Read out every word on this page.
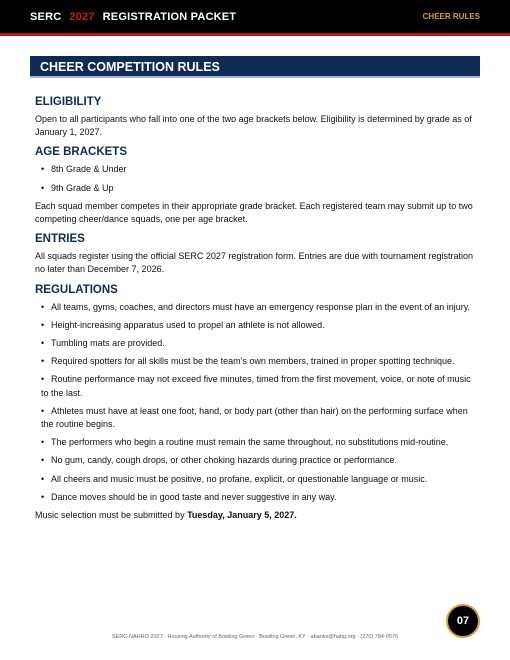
SERC 2027 REGISTRATION PACKET	CHEER RULES
CHEER COMPETITION RULES
ELIGIBILITY

Open to all participants who fall into one of the two age brackets below. Eligibility is determined by grade as of January 1, 2027.

AGE BRACKETS
• 8th Grade & Under
• 9th Grade & Up

Each squad member competes in their appropriate grade bracket. Each registered team may submit up to two competing cheer/dance squads, one per age bracket.

ENTRIES

All squads register using the official SERC 2027 registration form. Entries are due with tournament registration no later than December 7, 2026.

REGULATIONS
• All teams, gyms, coaches, and directors must have an emergency response plan in the event of an injury.
• Height-increasing apparatus used to propel an athlete is not allowed.
• Tumbling mats are provided.
• Required spotters for all skills must be the team’s own members, trained in proper spotting technique.
• Routine performance may not exceed five minutes, timed from the first movement, voice, or note of music to the last.
• Athletes must have at least one foot, hand, or body part (other than hair) on the performing surface when the routine begins.
• The performers who begin a routine must remain the same throughout, no substitutions mid-routine.
• No gum, candy, cough drops, or other choking hazards during practice or performance.
• All cheers and music must be positive, no profane, explicit, or questionable language or music.
• Dance moves should be in good taste and never suggestive in any way.

Music selection must be submitted by Tuesday, January 5, 2027.

07
SERC-NAHRO 2027 · Housing Authority of Bowling Green · Bowling Green, KY · abanks@habg.org · (270) 784-0576
